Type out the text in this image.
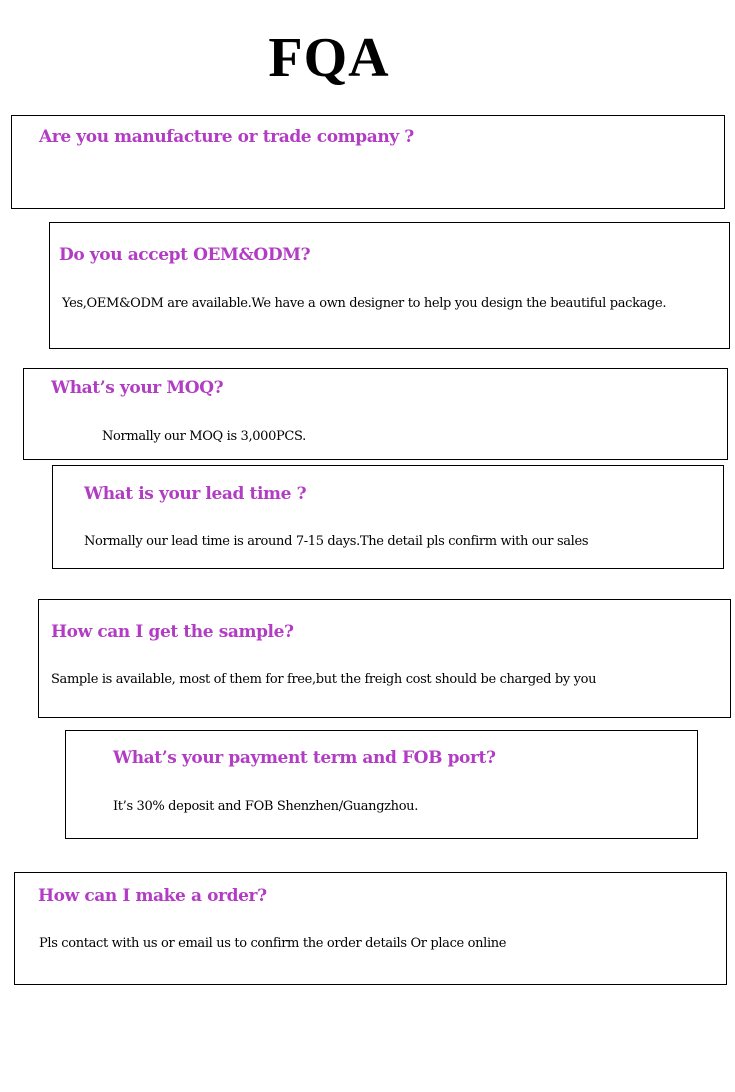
FQA
Are you manufacture or trade company ?
Do you accept OEM&ODM?
Yes,OEM&ODM are available.We have a own designer to help you design the beautiful package.
What’s your MOQ?
Normally our MOQ is 3,000PCS.
What is your lead time ?
Normally our lead time is around 7-15 days.The detail pls confirm with our sales
How can I get the sample?
Sample is available, most of them for free,but the freigh cost should be charged by you
What’s your payment term and FOB port?
It’s 30% deposit and FOB Shenzhen/Guangzhou.
How can I make a order?
Pls contact with us or email us to confirm the order details Or place online
